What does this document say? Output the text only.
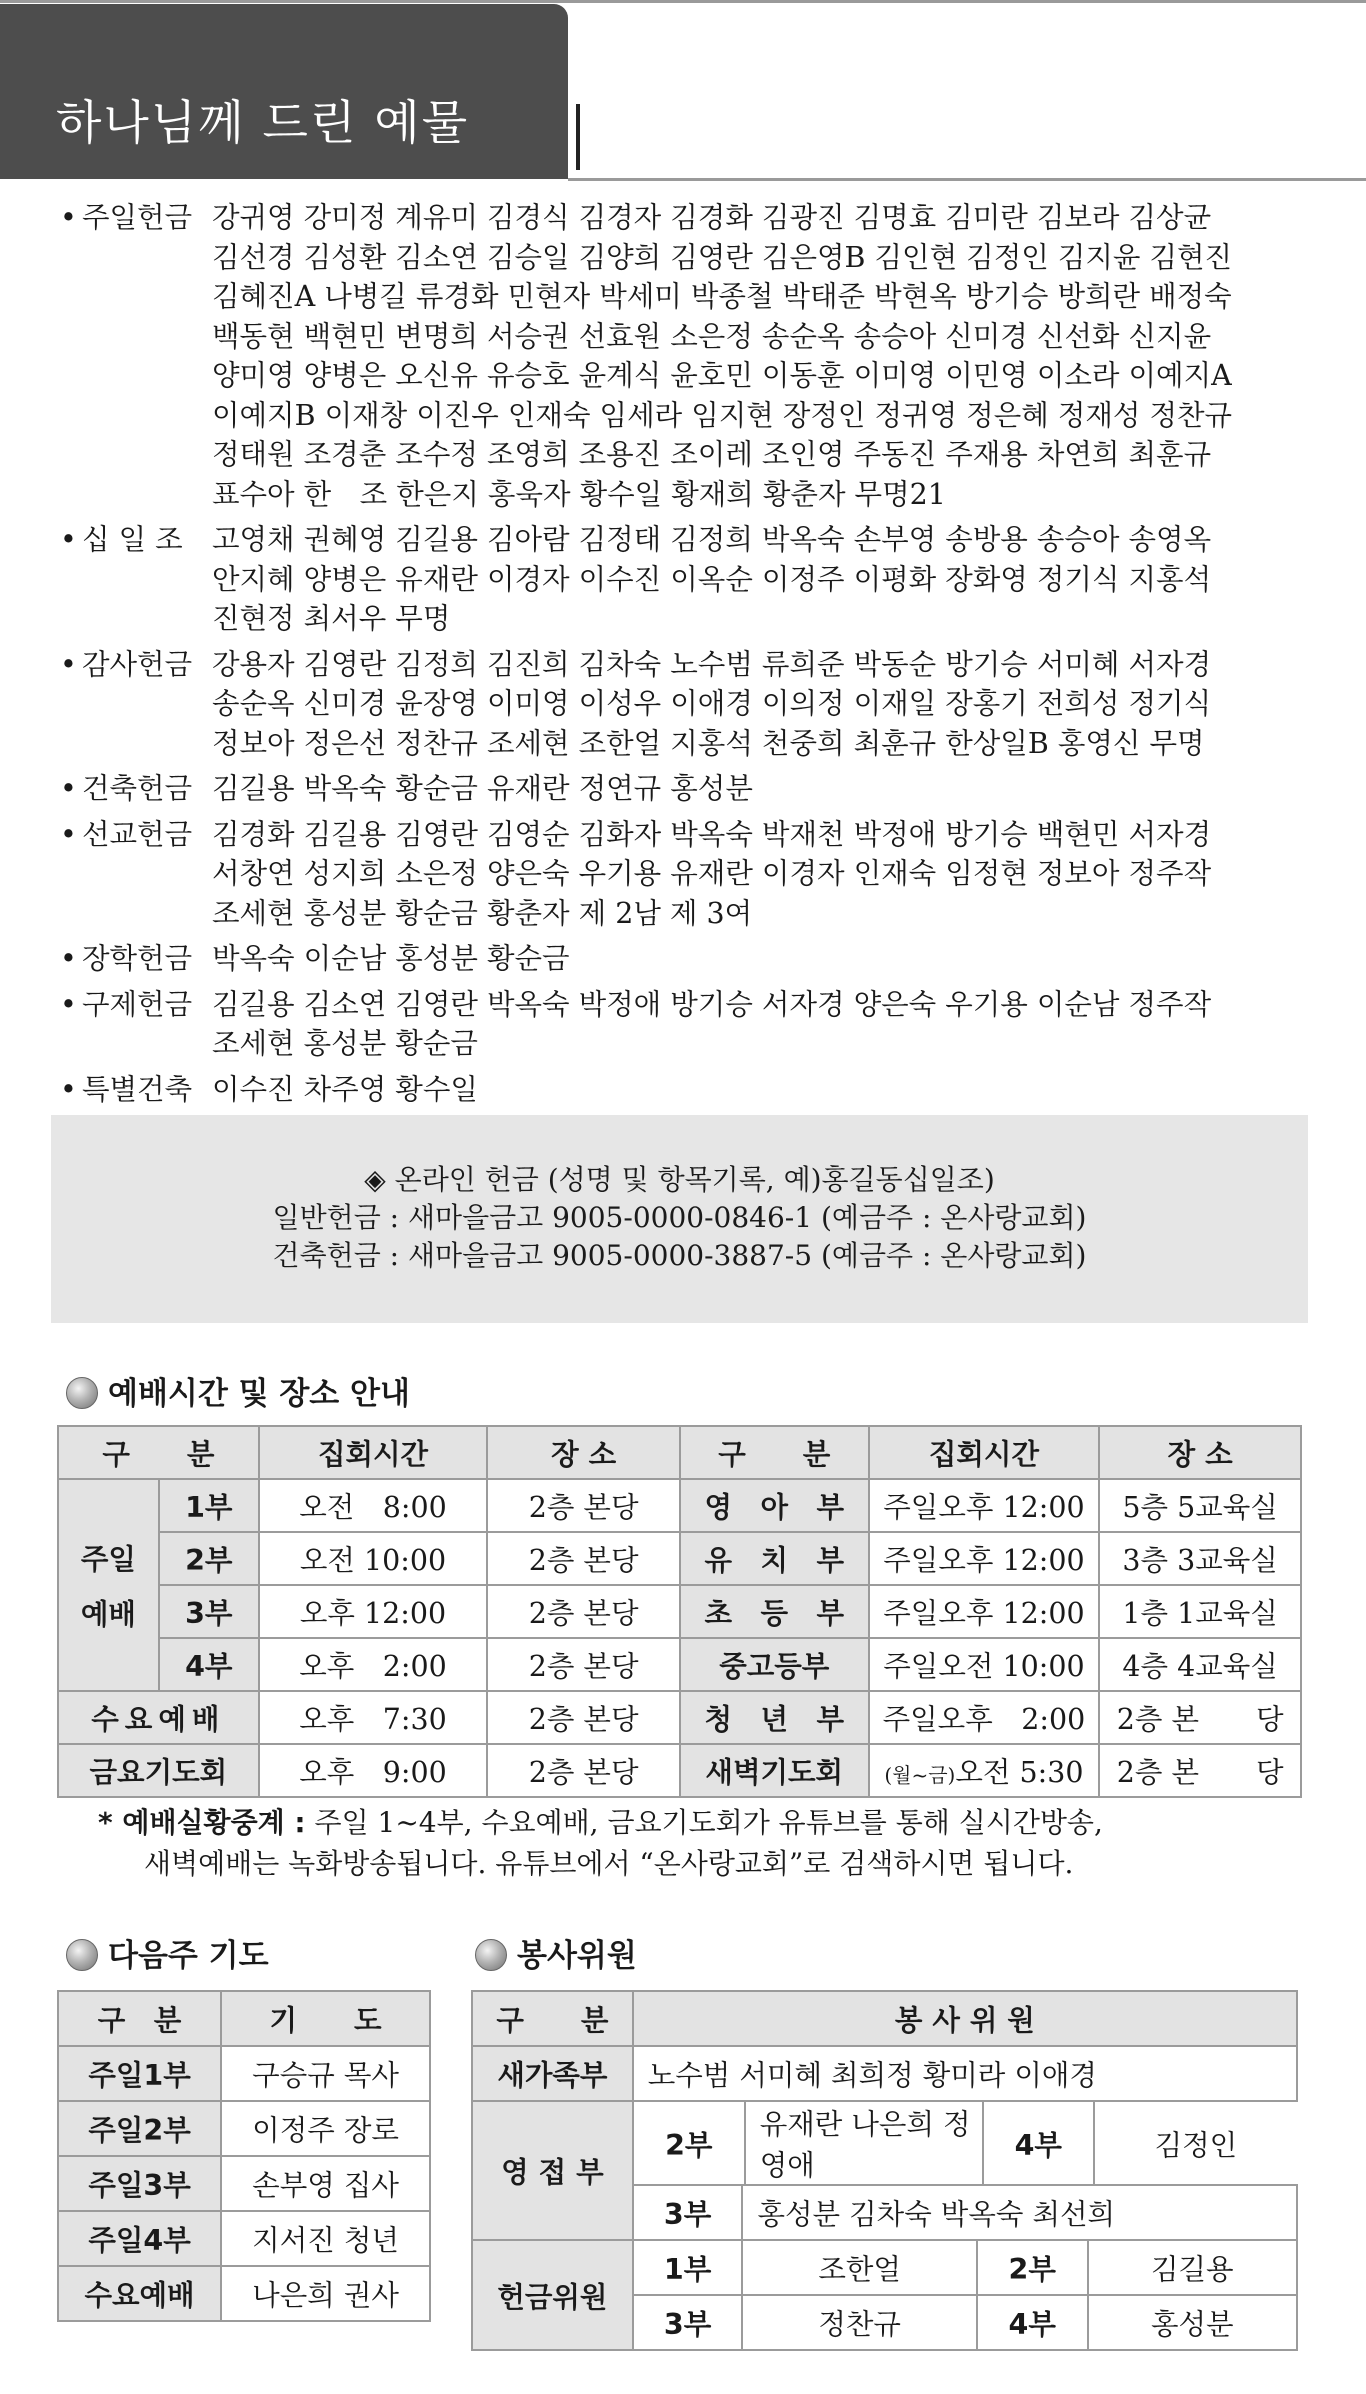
하나님께 드린 예물
• 주일헌금 강귀영 강미정 계유미 김경식 김경자 김경화 김광진 김명효 김미란 김보라 김상균
김선경 김성환 김소연 김승일 김양희 김영란 김은영B 김인현 김정인 김지윤 김현진
김혜진A 나병길 류경화 민현자 박세미 박종철 박태준 박현옥 방기승 방희란 배정숙
백동현 백현민 변명희 서승권 선효원 소은정 송순옥 송승아 신미경 신선화 신지윤
양미영 양병은 오신유 유승호 윤계식 윤호민 이동훈 이미영 이민영 이소라 이예지A
이예지B 이재창 이진우 인재숙 임세라 임지현 장정인 정귀영 정은혜 정재성 정찬규
정태원 조경춘 조수정 조영희 조용진 조이레 조인영 주동진 주재용 차연희 최훈규
표수아 한　조 한은지 홍욱자 황수일 황재희 황춘자 무명21
• 십 일 조	고영채 권혜영 김길용 김아람 김정태 김정희 박옥숙 손부영 송방용 송승아 송영옥
안지혜 양병은 유재란 이경자 이수진 이옥순 이정주 이평화 장화영 정기식 지홍석
진현정 최서우 무명
• 감사헌금 강용자 김영란 김정희 김진희 김차숙 노수범 류희준 박동순 방기승 서미혜 서자경
송순옥 신미경 윤장영 이미영 이성우 이애경 이의정 이재일 장홍기 전희성 정기식
정보아 정은선 정찬규 조세현 조한얼 지홍석 천중희 최훈규 한상일B 홍영신 무명
• 건축헌금 김길용 박옥숙 황순금 유재란 정연규 홍성분
• 선교헌금 김경화 김길용 김영란 김영순 김화자 박옥숙 박재천 박정애 방기승 백현민 서자경
서창연 성지희 소은정 양은숙 우기용 유재란 이경자 인재숙 임정현 정보아 정주작
조세현 홍성분 황순금 황춘자 제 2남 제 3여
• 장학헌금 박옥숙 이순남 홍성분 황순금
• 구제헌금 김길용 김소연 김영란 박옥숙 박정애 방기승 서자경 양은숙 우기용 이순남 정주작
조세현 홍성분 황순금
• 특별건축 이수진 차주영 황수일
◈ 온라인 헌금 (성명 및 항목기록, 예)홍길동십일조)
일반헌금 : 새마을금고 9005-0000-0846-1 (예금주 : 온사랑교회)
건축헌금 : 새마을금고 9005-0000-3887-5 (예금주 : 온사랑교회)
예배시간 및 장소 안내
구　　분		집회시간	장 소	구　　분	집회시간	장 소

주일
예배	1부	오전　8:00	2층 본당	영　아　부	주일오후 12:00	5층 5교육실
	2부	오전 10:00	2층 본당	유　치　부	주일오후 12:00	3층 3교육실
	3부	오후 12:00	2층 본당	초　등　부	주일오후 12:00	1층 1교육실
	4부	오후　2:00	2층 본당	중고등부	주일오전 10:00	4층 4교육실
수요예배		오후　7:30	2층 본당	청　년　부	주일오후　2:00	2층 본　　당
금요기도회		오후　9:00	2층 본당	새벽기도회	(월~금)오전 5:30	2층 본　　당
* 예배실황중계 : 주일 1~4부, 수요예배, 금요기도회가 유튜브를 통해 실시간방송,
새벽예배는 녹화방송됩니다. 유튜브에서 “온사랑교회”로 검색하시면 됩니다.
다음주 기도
구　분	기　　도
주일1부	구승규 목사
주일2부	이정주 장로
주일3부	손부영 집사
주일4부	지서진 청년
수요예배	나은희 권사
봉사위원
구　　분	봉 사 위 원
새가족부	노수범 서미혜 최희정 황미라 이애경
영 접 부	
2부	유재란 나은희 정영애	4부	김정인

3부	홍성분 김차숙 박옥숙 최선희
헌금위원	1부	조한얼	2부	김길용
3부	정찬규	4부	홍성분
